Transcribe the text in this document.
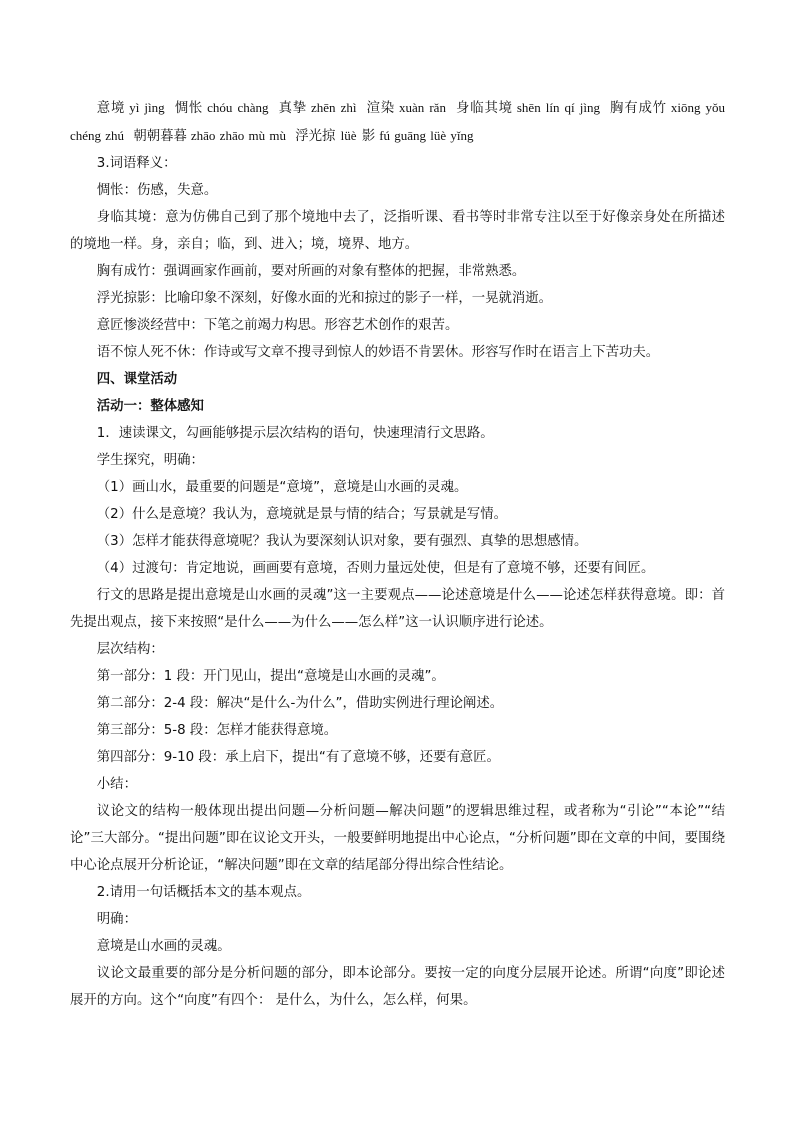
意境 yì jìng 惆怅 chóu chàng 真挚 zhēn zhì 渲染 xuàn rǎn 身临其境 shēn lín qí jìng 胸有成竹 xiōng yǒu chéng zhú 朝朝暮暮 zhāo zhāo mù mù 浮光掠 lüè 影 fú guāng lüè yǐng

3.词语释义：

惆怅：伤感，失意。

身临其境：意为仿佛自己到了那个境地中去了，泛指听课、看书等时非常专注以至于好像亲身处在所描述的境地一样。身，亲自；临，到、进入；境，境界、地方。

胸有成竹：强调画家作画前，要对所画的对象有整体的把握，非常熟悉。

浮光掠影：比喻印象不深刻，好像水面的光和掠过的影子一样，一晃就消逝。

意匠惨淡经营中：下笔之前竭力构思。形容艺术创作的艰苦。

语不惊人死不休：作诗或写文章不搜寻到惊人的妙语不肯罢休。形容写作时在语言上下苦功夫。

四、课堂活动

活动一：整体感知

1．速读课文，勾画能够提示层次结构的语句，快速理清行文思路。

学生探究，明确：

（1）画山水，最重要的问题是“意境”，意境是山水画的灵魂。

（2）什么是意境？我认为，意境就是景与情的结合；写景就是写情。

（3）怎样才能获得意境呢？我认为要深刻认识对象，要有强烈、真挚的思想感情。

（4）过渡句：肯定地说，画画要有意境，否则力量远处使，但是有了意境不够，还要有间匠。

行文的思路是提出意境是山水画的灵魂”这一主要观点——论述意境是什么——论述怎样获得意境。即：首先提出观点，接下来按照“是什么——为什么——怎么样”这一认识顺序进行论述。

层次结构：

第一部分：1 段：开门见山，提出“意境是山水画的灵魂”。

第二部分：2-4 段：解决“是什么-为什么”，借助实例进行理论阐述。

第三部分：5-8 段：怎样才能获得意境。

第四部分：9-10 段：承上启下，提出“有了意境不够，还要有意匠。

小结：

议论文的结构一般体现出提出问题—分析问题—解决问题”的逻辑思维过程，或者称为“引论”“本论”“结论”三大部分。“提出问题”即在议论文开头，一般要鲜明地提出中心论点，“分析问题”即在文章的中间，要围绕中心论点展开分析论证，“解决问题”即在文章的结尾部分得出综合性结论。

2.请用一句话概括本文的基本观点。

明确：

意境是山水画的灵魂。

议论文最重要的部分是分析问题的部分，即本论部分。要按一定的向度分层展开论述。所谓“向度”即论述展开的方向。这个“向度”有四个： 是什么，为什么，怎么样，何果。
